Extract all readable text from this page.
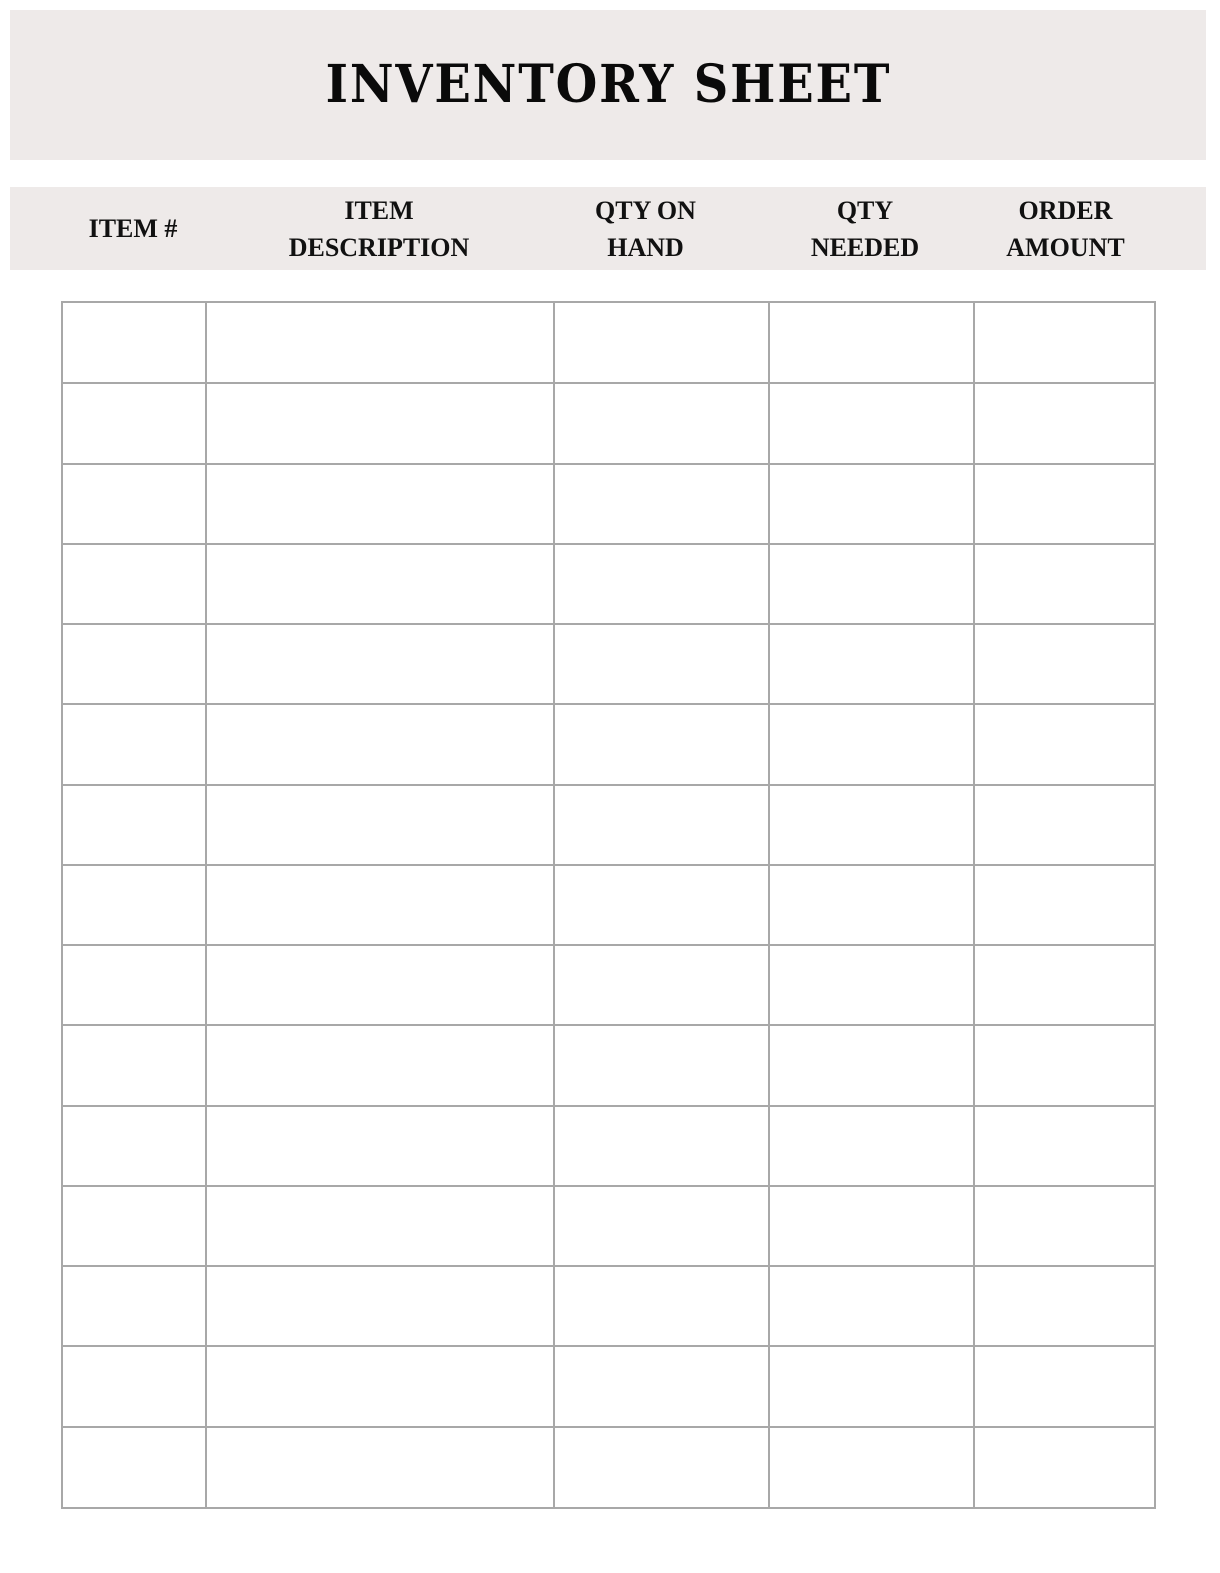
INVENTORY SHEET
ITEM #
ITEM
DESCRIPTION
QTY ON
HAND
QTY
NEEDED
ORDER
AMOUNT
